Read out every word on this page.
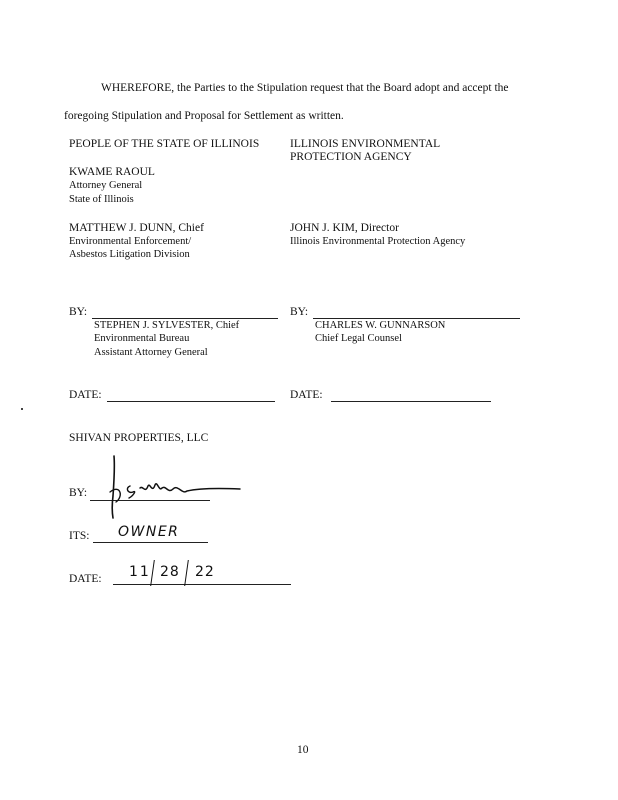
WHEREFORE, the Parties to the Stipulation request that the Board adopt and accept the
foregoing Stipulation and Proposal for Settlement as written.
PEOPLE OF THE STATE OF ILLINOIS
KWAME RAOUL
Attorney General
State of Illinois
MATTHEW J. DUNN, Chief
Environmental Enforcement/
Asbestos Litigation Division
ILLINOIS ENVIRONMENTAL
PROTECTION AGENCY
JOHN J. KIM, Director
Illinois Environmental Protection Agency
BY:
STEPHEN J. SYLVESTER, Chief
Environmental Bureau
Assistant Attorney General
BY:
CHARLES W. GUNNARSON
Chief Legal Counsel
DATE:	DATE:
SHIVAN PROPERTIES, LLC
BY:
ITS: OWNER
DATE: 11 28 22
10
